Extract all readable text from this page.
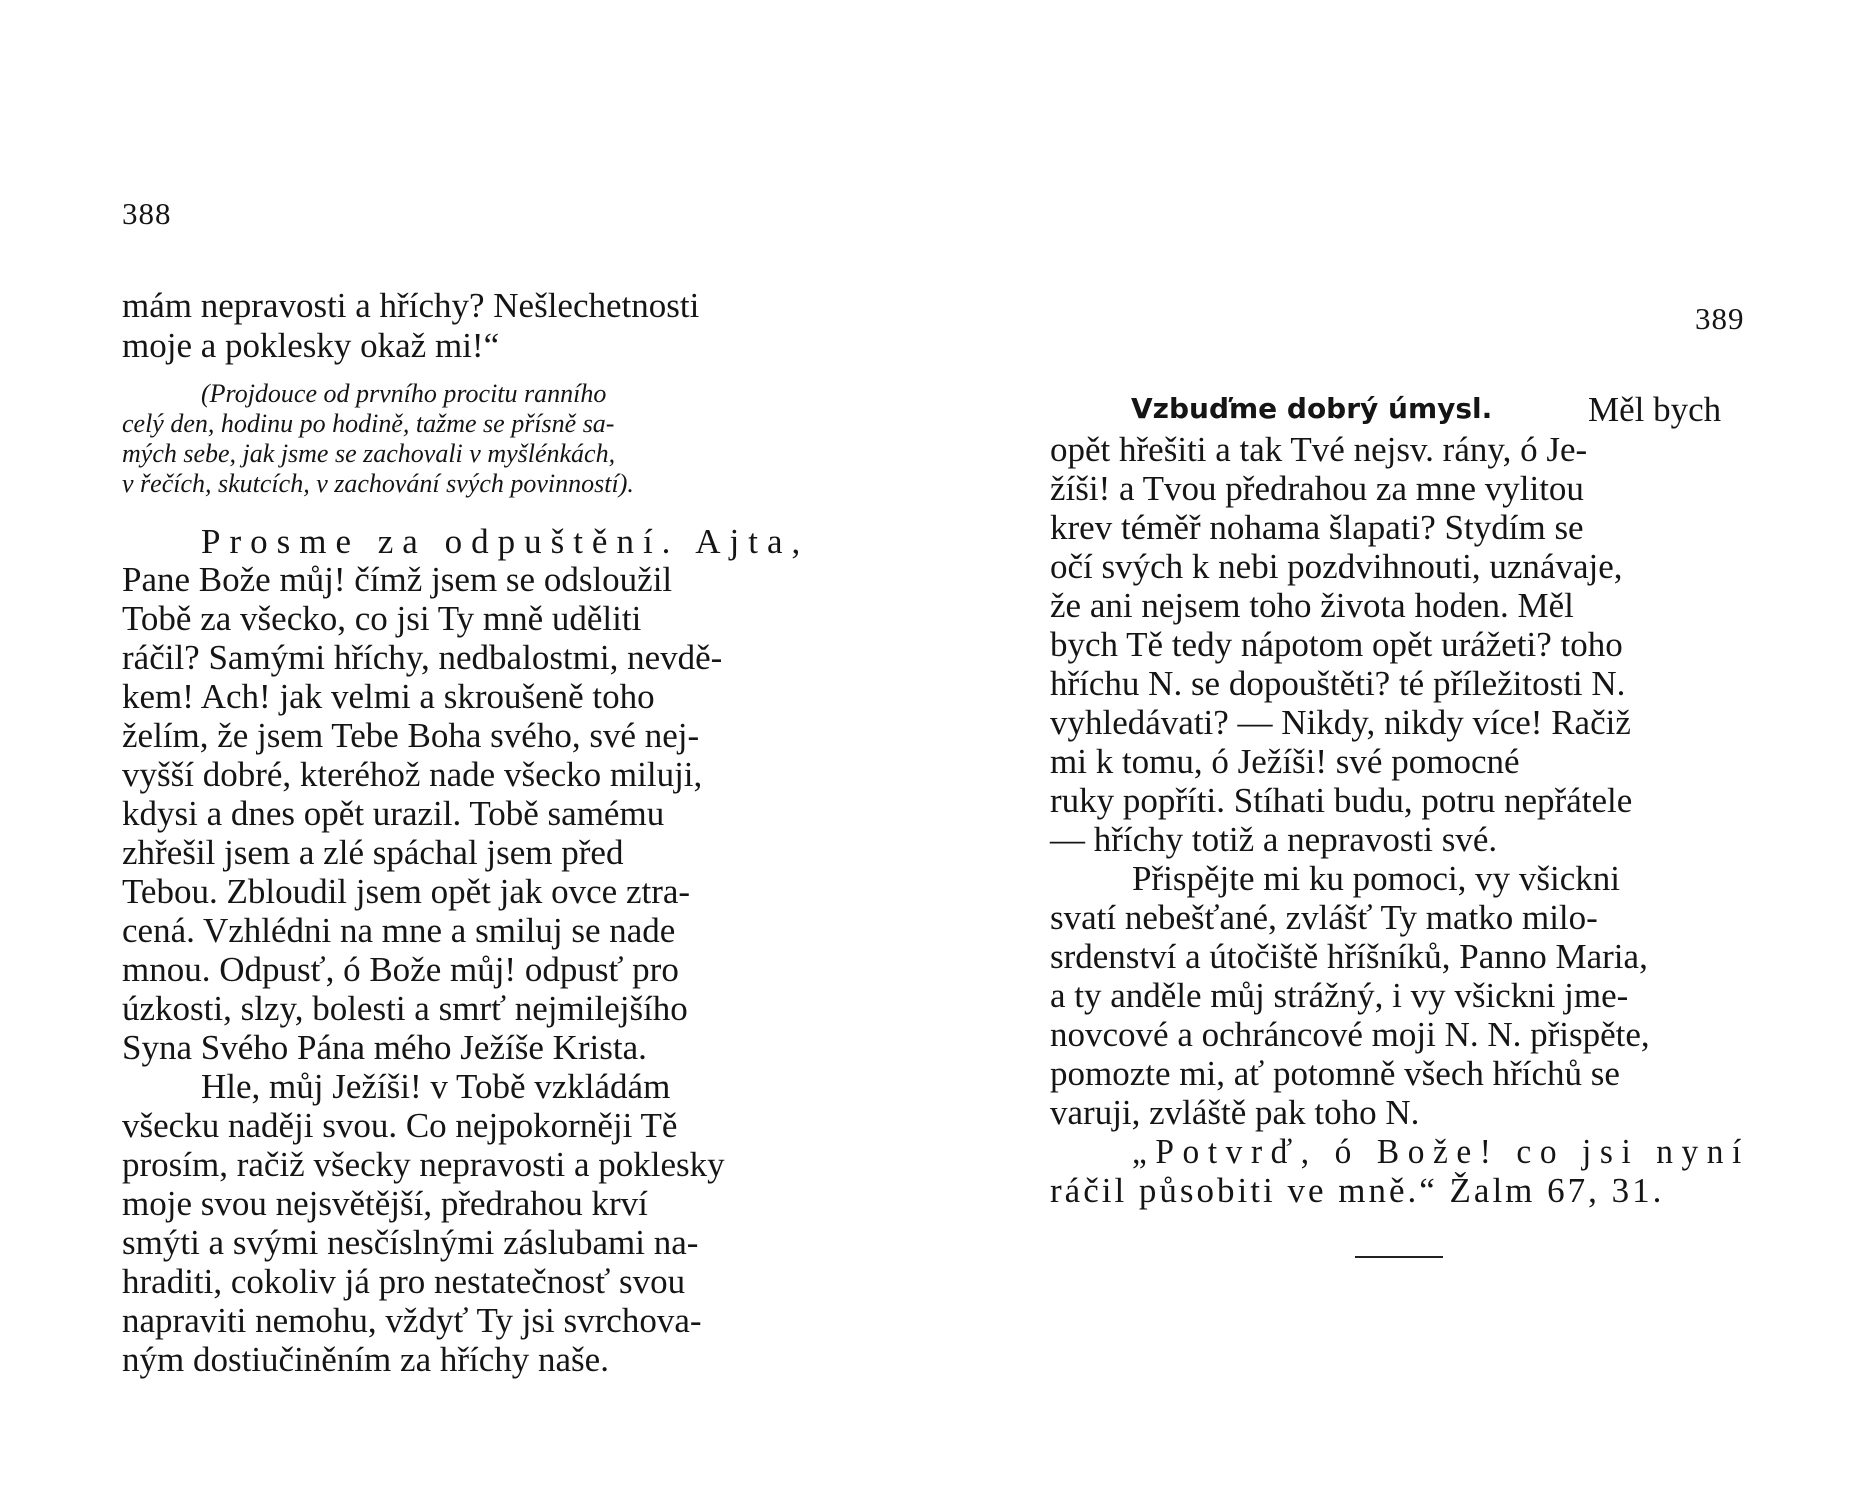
388
mám nepravosti a hříchy? Nešlechetnosti
moje a poklesky okaž mi!“
(Projdouce od prvního procitu ranního
celý den, hodinu po hodině, tažme se přísně sa-
mých sebe, jak jsme se zachovali v myšlénkách,
v řečích, skutcích, v zachování svých povinností).
Prosme za odpuštění. Ajta,
Pane Bože můj! čímž jsem se odsloužil
Tobě za všecko, co jsi Ty mně uděliti
ráčil? Samými hříchy, nedbalostmi, nevdě-
kem! Ach! jak velmi a skroušeně toho
želím, že jsem Tebe Boha svého, své nej-
vyšší dobré, kteréhož nade všecko miluji,
kdysi a dnes opět urazil. Tobě samému
zhřešil jsem a zlé spáchal jsem před
Tebou. Zbloudil jsem opět jak ovce ztra-
cená. Vzhlédni na mne a smiluj se nade
mnou. Odpusť, ó Bože můj! odpusť pro
úzkosti, slzy, bolesti a smrť nejmilejšího
Syna Svého Pána mého Ježíše Krista.
Hle, můj Ježíši! v Tobě vzkládám
všecku naději svou. Co nejpokorněji Tě
prosím, račiž všecky nepravosti a poklesky
moje svou nejsvětější, předrahou krví
smýti a svými nesčíslnými záslubami na-
hraditi, cokoliv já pro nestatečnosť svou
napraviti nemohu, vždyť Ty jsi svrchova-
ným dostiučiněním za hříchy naše.
389
Vzbuďme dobrý úmysl.	Měl bych
opět hřešiti a tak Tvé nejsv. rány, ó Je-
žíši! a Tvou předrahou za mne vylitou
krev téměř nohama šlapati? Stydím se
očí svých k nebi pozdvihnouti, uznávaje,
že ani nejsem toho života hoden. Měl
bych Tě tedy nápotom opět urážeti? toho
hříchu N. se dopouštěti? té příležitosti N.
vyhledávati? — Nikdy, nikdy více! Račiž
mi k tomu, ó Ježíši! své pomocné
ruky popříti. Stíhati budu, potru nepřátele
— hříchy totiž a nepravosti své.
Přispějte mi ku pomoci, vy všickni
svatí nebešťané, zvlášť Ty matko milo-
srdenství a útočiště hříšníků, Panno Maria,
a ty anděle můj strážný, i vy všickni jme-
novcové a ochráncové moji N. N. přispěte,
pomozte mi, ať potomně všech hříchů se
varuji, zvláště pak toho N.
„Potvrď, ó Bože! co jsi nyní
ráčil působiti ve mně.“ Žalm 67, 31.
